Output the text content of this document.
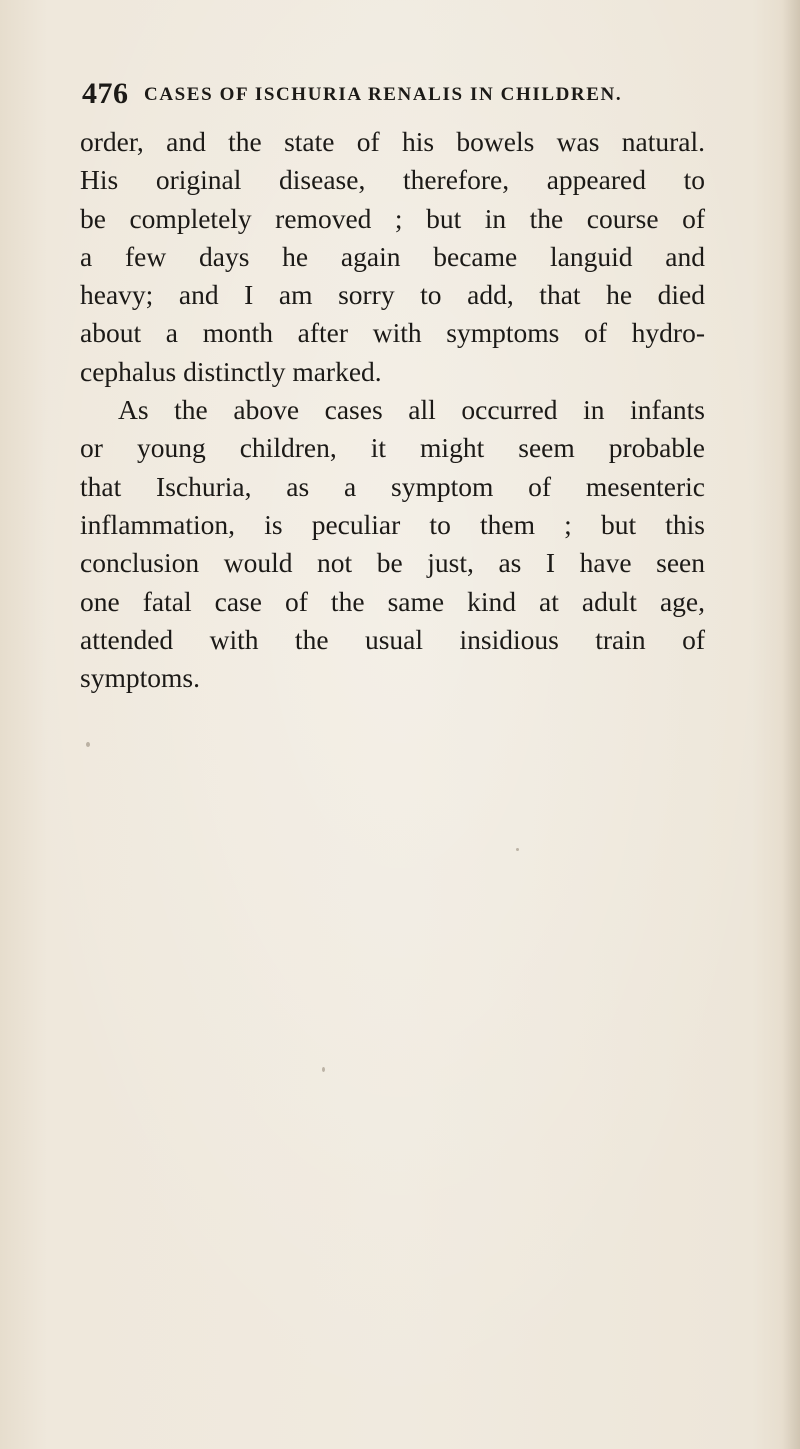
476 CASES OF ISCHURIA RENALIS IN CHILDREN.
order, and the state of his bowels was natural.
His original disease, therefore, appeared to
be completely removed ; but in the course of
a few days he again became languid and
heavy; and I am sorry to add, that he died
about a month after with symptoms of hydro-
cephalus distinctly marked.
As the above cases all occurred in infants
or young children, it might seem probable
that Ischuria, as a symptom of mesenteric
inflammation, is peculiar to them ; but this
conclusion would not be just, as I have seen
one fatal case of the same kind at adult age,
attended with the usual insidious train of
symptoms.
